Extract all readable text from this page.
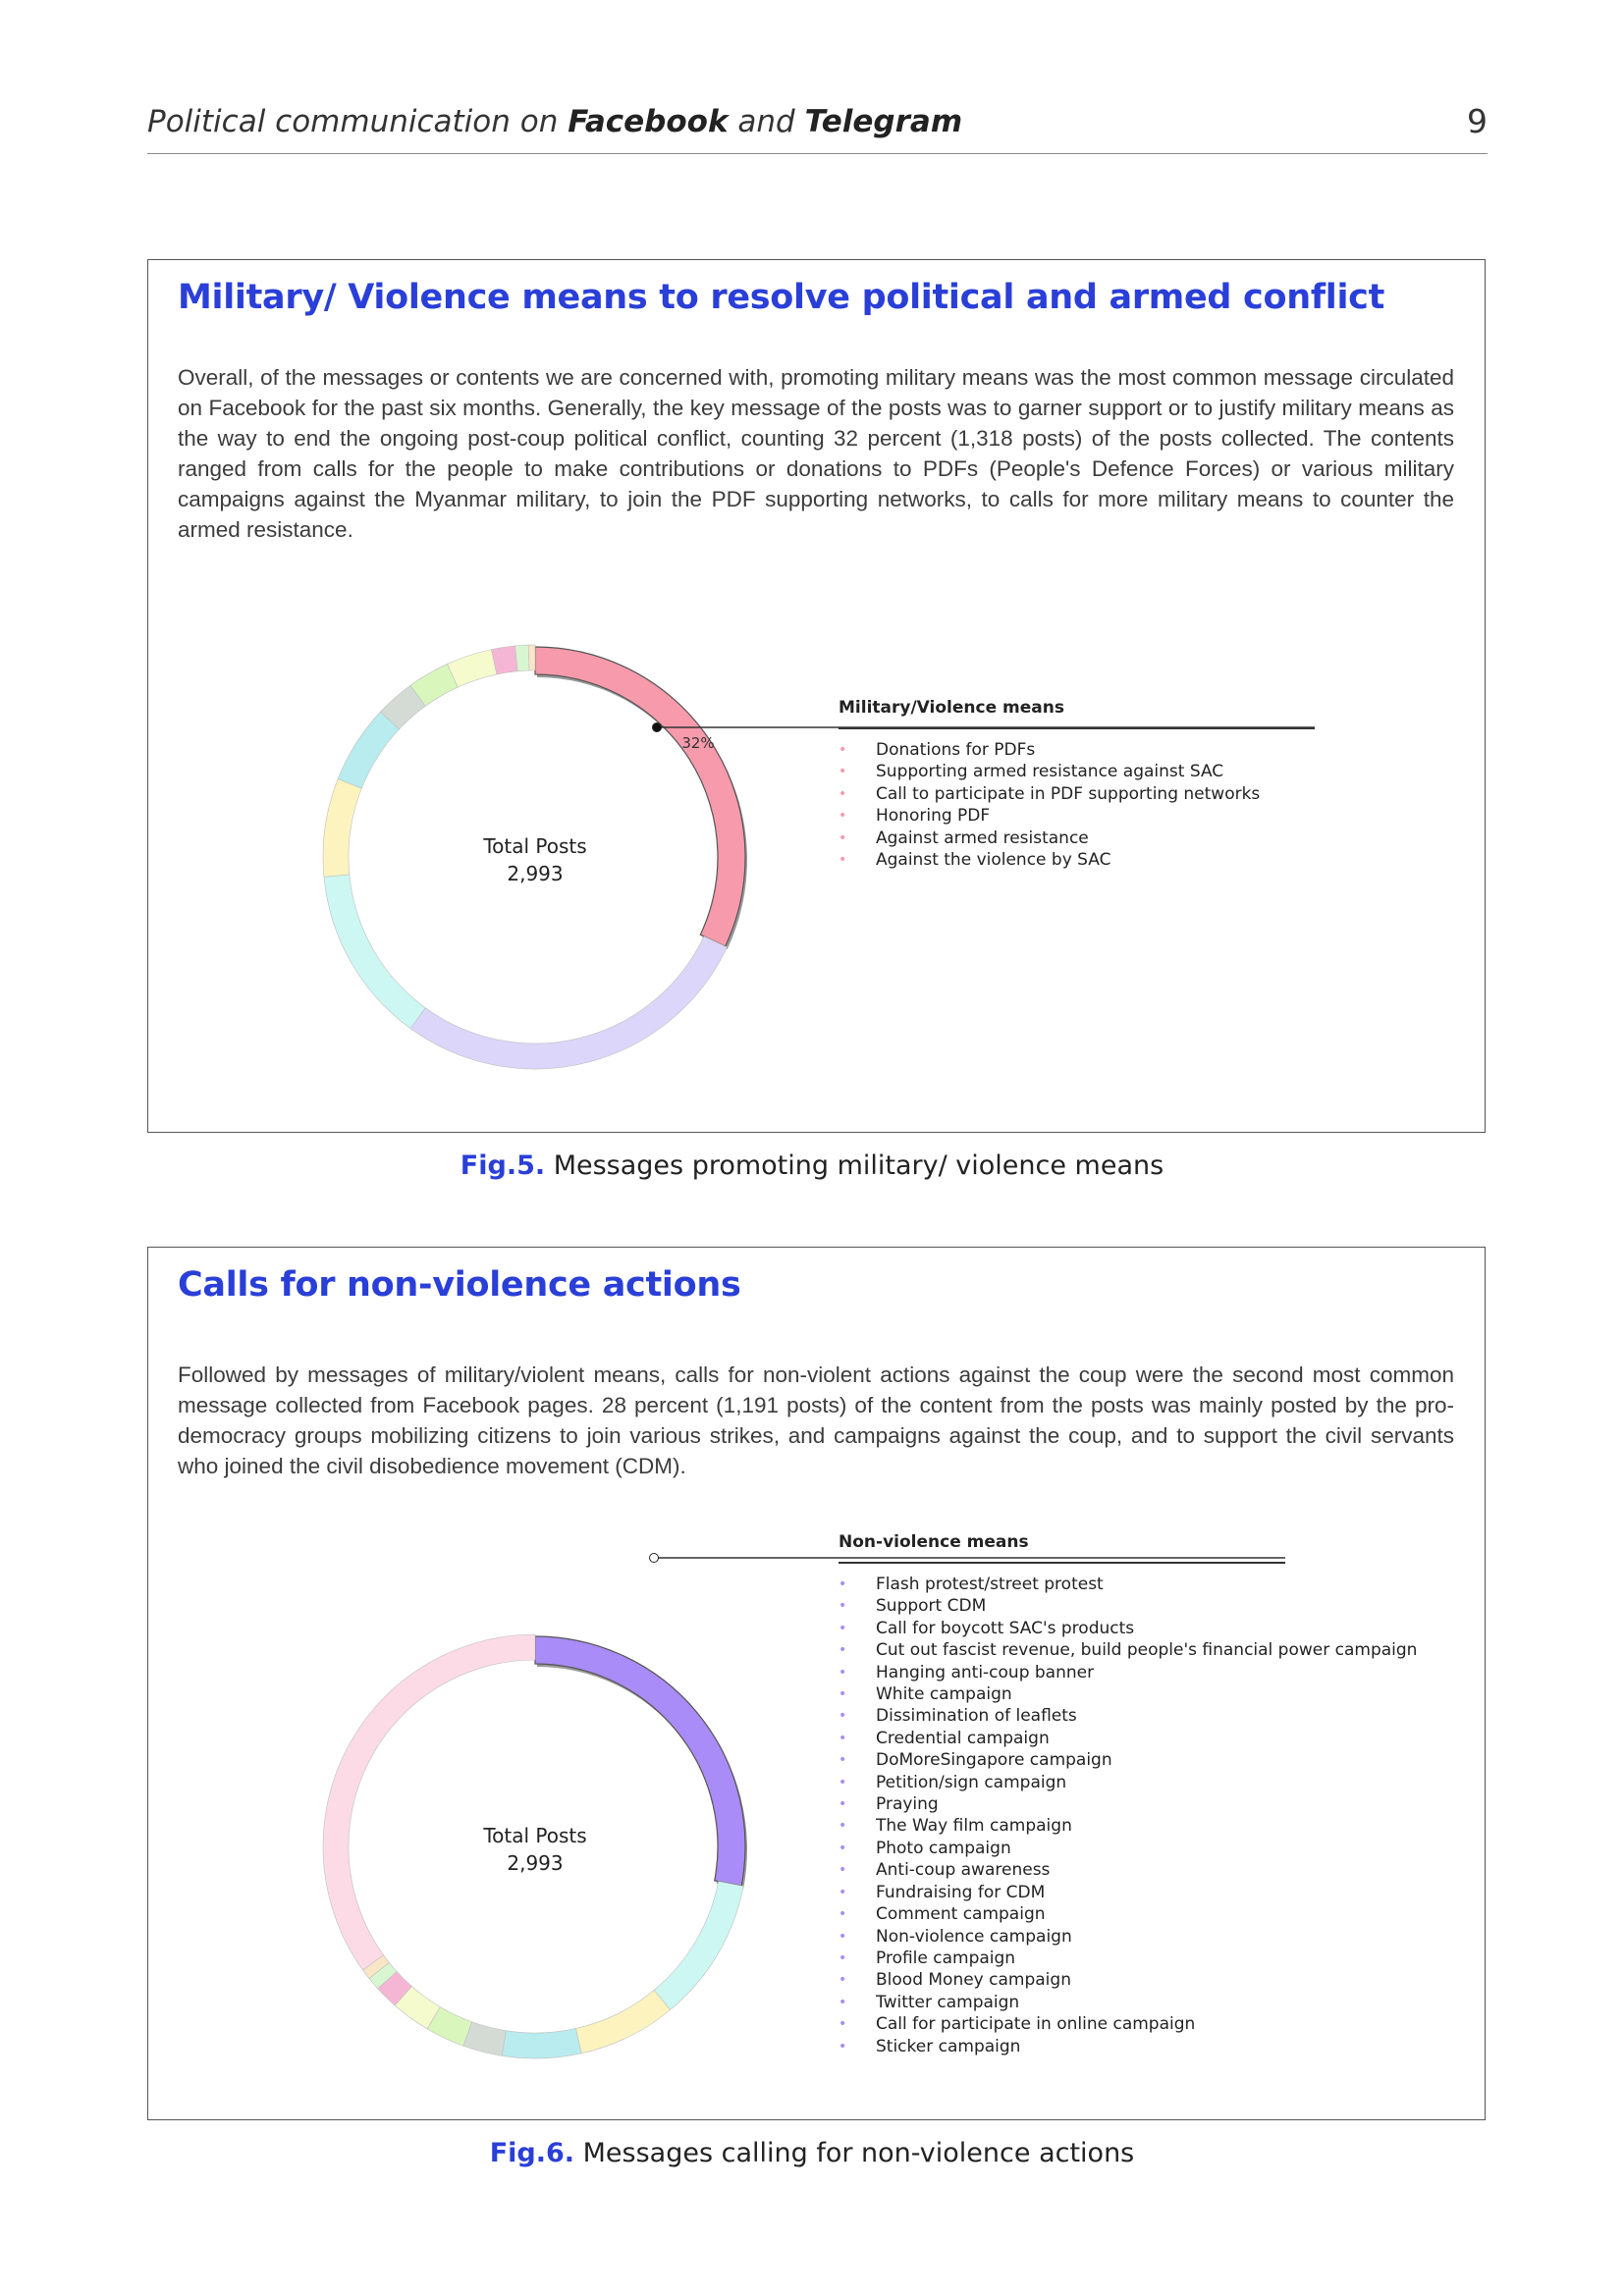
Political communication on Facebook and Telegram	9
Military/ Violence means to resolve political and armed conflict
Overall, of the messages or contents we are concerned with, promoting military means was the most common message circulated on Facebook for the past six months. Generally, the key message of the posts was to garner support or to justify military means as the way to end the ongoing post-coup political conflict, counting 32 percent (1,318 posts) of the posts collected. The contents ranged from calls for the people to make contributions or donations to PDFs (People's Defence Forces) or various military campaigns against the Myanmar military, to join the PDF supporting networks, to calls for more military means to counter the armed resistance.
Total Posts
2,993
32%
Military/Violence means
• Donations for PDFs
• Supporting armed resistance against SAC
• Call to participate in PDF supporting networks
• Honoring PDF
• Against armed resistance
• Against the violence by SAC
Fig.5. Messages promoting military/ violence means
Calls for non-violence actions
Followed by messages of military/violent means, calls for non-violent actions against the coup were the second most common message collected from Facebook pages. 28 percent (1,191 posts) of the content from the posts was mainly posted by the pro-democracy groups mobilizing citizens to join various strikes, and campaigns against the coup, and to support the civil servants who joined the civil disobedience movement (CDM).
Total Posts
2,993
28%
Non-violence means
• Flash protest/street protest
• Support CDM
• Call for boycott SAC's products
• Cut out fascist revenue, build people's financial power campaign
• Hanging anti-coup banner
• White campaign
• Dissimination of leaflets
• Credential campaign
• DoMoreSingapore campaign
• Petition/sign campaign
• Praying
• The Way film campaign
• Photo campaign
• Anti-coup awareness
• Fundraising for CDM
• Comment campaign
• Non-violence campaign
• Profile campaign
• Blood Money campaign
• Twitter campaign
• Call for participate in online campaign
• Sticker campaign
Fig.6. Messages calling for non-violence actions
